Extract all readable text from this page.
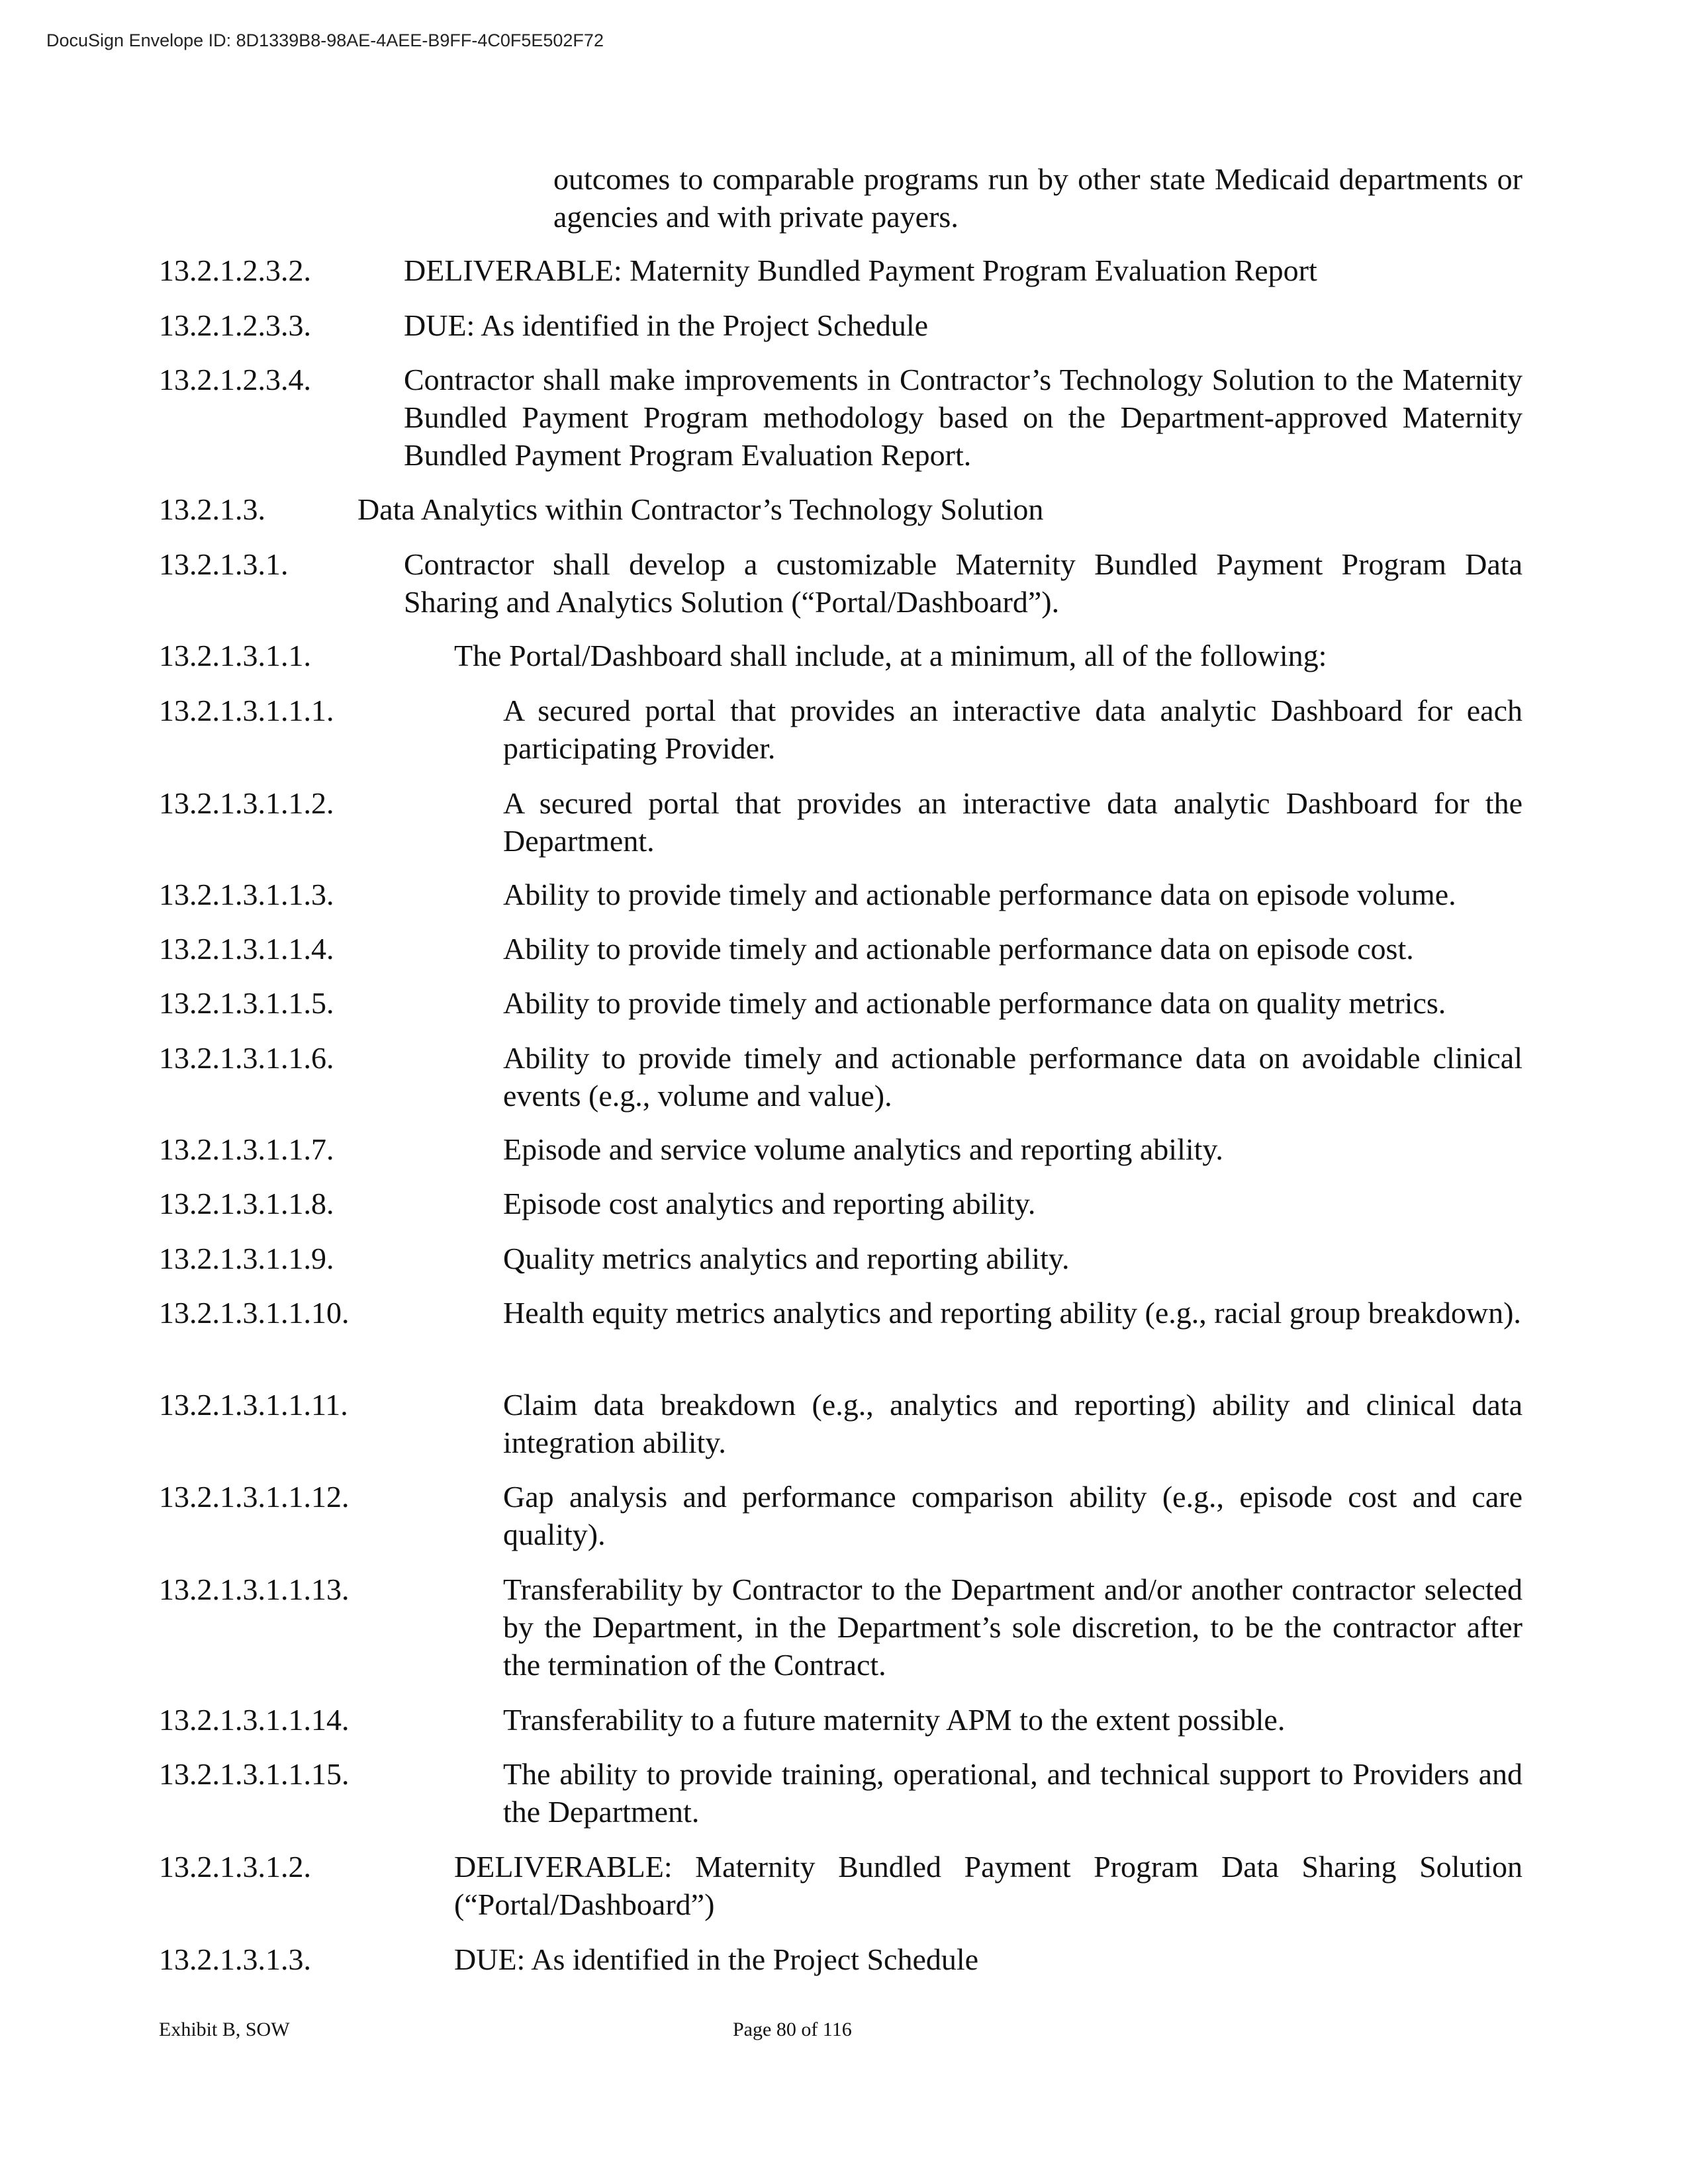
DocuSign Envelope ID: 8D1339B8-98AE-4AEE-B9FF-4C0F5E502F72
outcomes to comparable programs run by other state Medicaid departments or agencies and with private payers.
13.2.1.2.3.2.	DELIVERABLE: Maternity Bundled Payment Program Evaluation Report
13.2.1.2.3.3.	DUE: As identified in the Project Schedule
13.2.1.2.3.4.	Contractor shall make improvements in Contractor’s Technology Solution to the Maternity Bundled Payment Program methodology based on the Department-approved Maternity Bundled Payment Program Evaluation Report.
13.2.1.3.	Data Analytics within Contractor’s Technology Solution
13.2.1.3.1.	Contractor shall develop a customizable Maternity Bundled Payment Program Data Sharing and Analytics Solution (“Portal/Dashboard”).
13.2.1.3.1.1.	The Portal/Dashboard shall include, at a minimum, all of the following:
13.2.1.3.1.1.1.	A secured portal that provides an interactive data analytic Dashboard for each participating Provider.
13.2.1.3.1.1.2.	A secured portal that provides an interactive data analytic Dashboard for the Department.
13.2.1.3.1.1.3.	Ability to provide timely and actionable performance data on episode volume.
13.2.1.3.1.1.4.	Ability to provide timely and actionable performance data on episode cost.
13.2.1.3.1.1.5.	Ability to provide timely and actionable performance data on quality metrics.
13.2.1.3.1.1.6.	Ability to provide timely and actionable performance data on avoidable clinical events (e.g., volume and value).
13.2.1.3.1.1.7.	Episode and service volume analytics and reporting ability.
13.2.1.3.1.1.8.	Episode cost analytics and reporting ability.
13.2.1.3.1.1.9.	Quality metrics analytics and reporting ability.
13.2.1.3.1.1.10.	Health equity metrics analytics and reporting ability (e.g., racial group breakdown).
13.2.1.3.1.1.11.	Claim data breakdown (e.g., analytics and reporting) ability and clinical data integration ability.
13.2.1.3.1.1.12.	Gap analysis and performance comparison ability (e.g., episode cost and care quality).
13.2.1.3.1.1.13.	Transferability by Contractor to the Department and/or another contractor selected by the Department, in the Department’s sole discretion, to be the contractor after the termination of the Contract.
13.2.1.3.1.1.14.	Transferability to a future maternity APM to the extent possible.
13.2.1.3.1.1.15.	The ability to provide training, operational, and technical support to Providers and the Department.
13.2.1.3.1.2.	DELIVERABLE: Maternity Bundled Payment Program Data Sharing Solution (“Portal/Dashboard”)
13.2.1.3.1.3.	DUE: As identified in the Project Schedule
Exhibit B, SOW	Page 80 of 116
